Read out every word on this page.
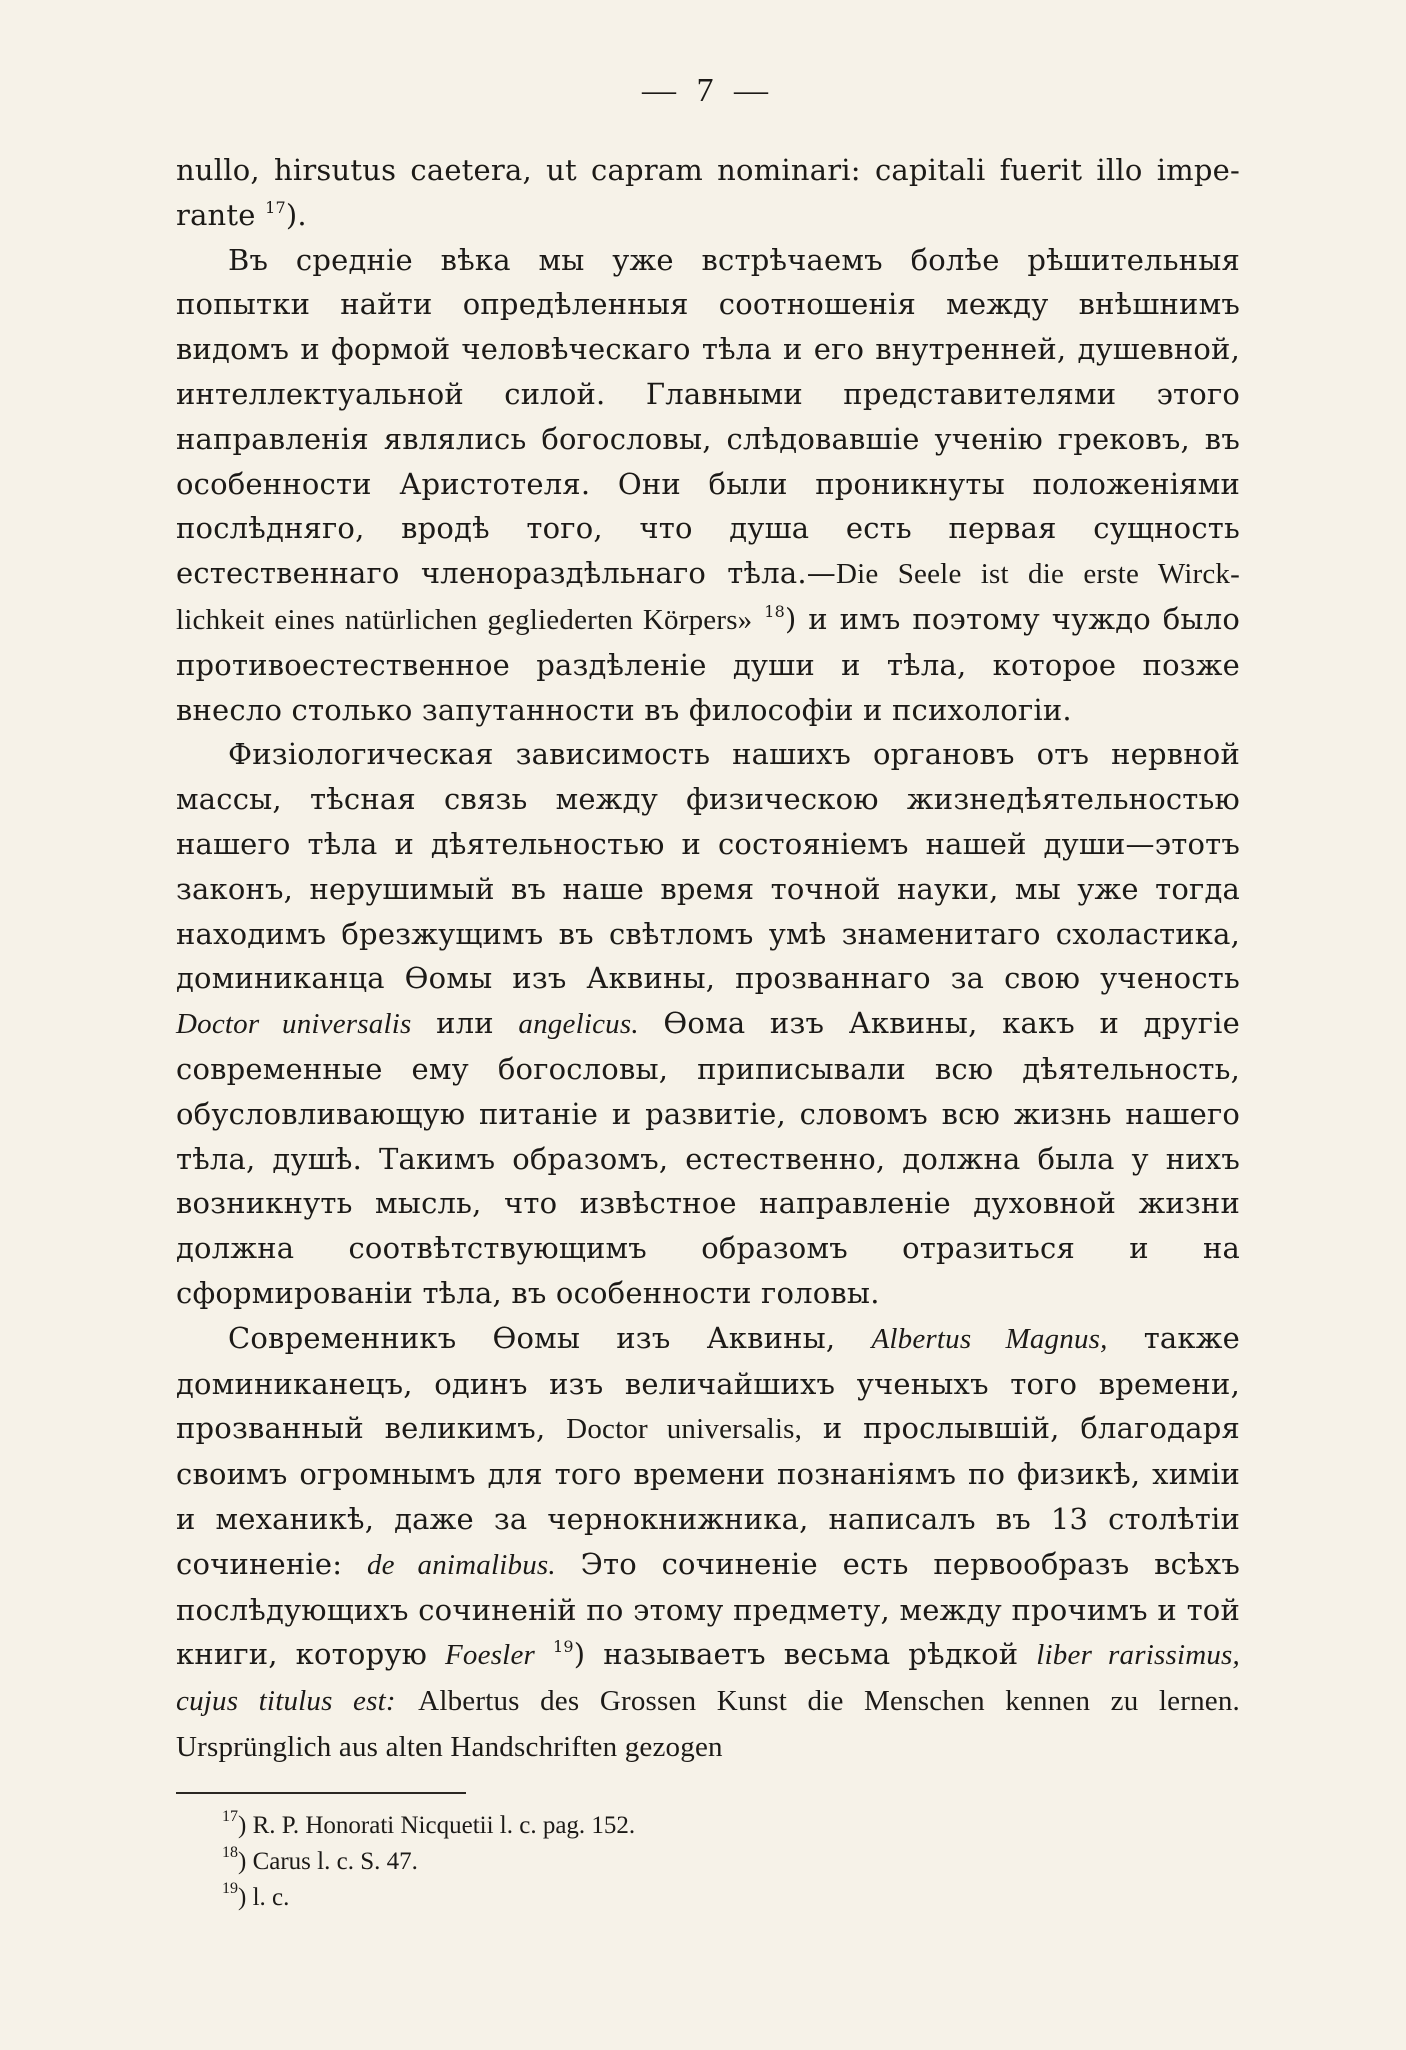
— 7 —

nullo, hirsutus caetera, ut capram nominari: capitali fuerit illo impe-rante $^{17}$).

Въ средніе вѣка мы уже встрѣчаемъ болѣе рѣшительныя попытки найти опредѣленныя соотношенія между внѣшнимъ видомъ и формой человѣческаго тѣла и его внутренней, душевной, интеллектуальной силой. Главными представителями этого направленія являлись богословы, слѣдовавшіе ученію грековъ, въ особенности Аристотеля. Они были проникнуты положеніями послѣдняго, вродѣ того, что душа есть первая сущность естественнаго членораздѣльнаго тѣла.—Die Seele ist die erste Wirck-lichkeit eines natürlichen gegliederten Körpers» $^{18}$) и имъ поэтому чуждо было противоестественное раздѣленіе души и тѣла, которое позже внесло столько запутанности въ философіи и психологіи.

Физіологическая зависимость нашихъ органовъ отъ нервной массы, тѣсная связь между физическою жизнедѣятельностью нашего тѣла и дѣятельностью и состояніемъ нашей души—этотъ законъ, нерушимый въ наше время точной науки, мы уже тогда находимъ брезжущимъ въ свѣтломъ умѣ знаменитаго схоластика, доминиканца Өомы изъ Аквины, прозваннаго за свою ученость Doctor universalis или angelicus. Өома изъ Аквины, какъ и другіе современные ему богословы, приписывали всю дѣятельность, обусловливающую питаніе и развитіе, словомъ всю жизнь нашего тѣла, душѣ. Такимъ образомъ, естественно, должна была у нихъ возникнуть мысль, что извѣстное направленіе духовной жизни должна соотвѣтствующимъ образомъ отразиться и на сформированіи тѣла, въ особенности головы.

Современникъ Өомы изъ Аквины, Albertus Magnus, также доминиканецъ, одинъ изъ величайшихъ ученыхъ того времени, прозванный великимъ, Doctor universalis, и прослывшій, благодаря своимъ огромнымъ для того времени познаніямъ по физикѣ, химіи и механикѣ, даже за чернокнижника, написалъ въ 13 столѣтіи сочиненіе: de animalibus. Это сочиненіе есть первообразъ всѣхъ послѣдующихъ сочиненій по этому предмету, между прочимъ и той книги, которую Foesler $^{19}$) называетъ весьма рѣдкой liber rarissimus, cujus titulus est: Albertus des Grossen Kunst die Menschen kennen zu lernen. Ursprünglich aus alten Handschriften gezogen

$^{17}$) R. P. Honorati Nicquetii l. c. pag. 152.
$^{18}$) Carus l. c. S. 47.
$^{19}$) l. c.
